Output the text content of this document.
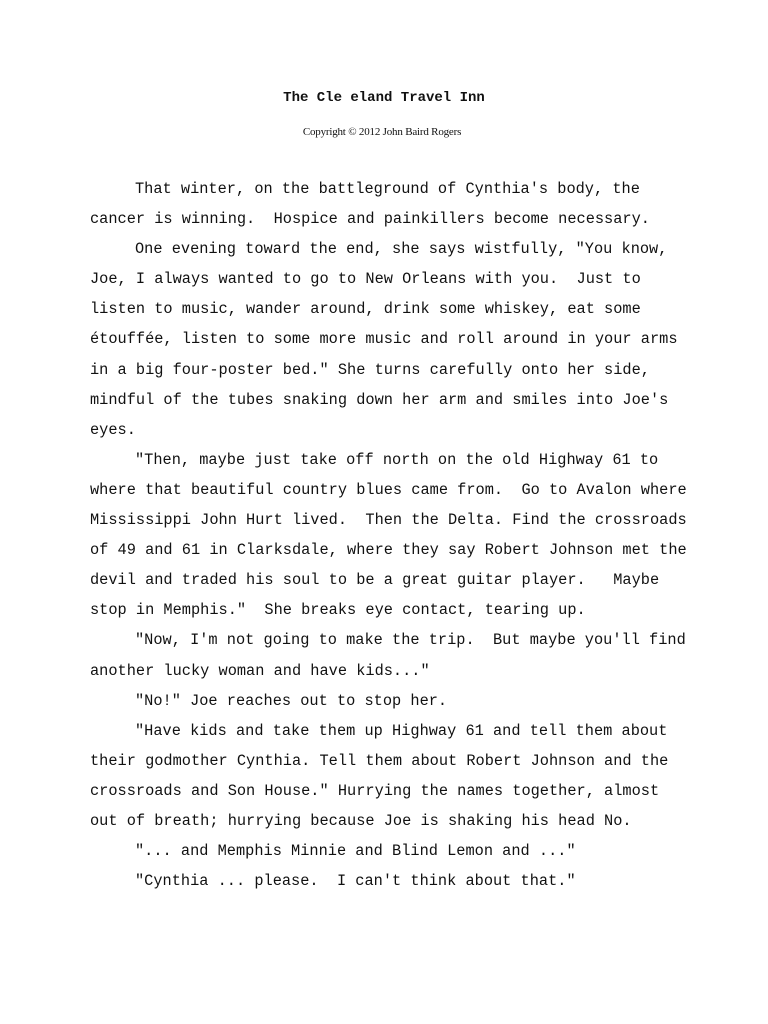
The Cle eland Travel Inn
Copyright © 2012 John Baird Rogers
That winter, on the battleground of Cynthia's body, the
cancer is winning.  Hospice and painkillers become necessary.
One evening toward the end, she says wistfully, "You know,
Joe, I always wanted to go to New Orleans with you.  Just to
listen to music, wander around, drink some whiskey, eat some
étouffée, listen to some more music and roll around in your arms
in a big four-poster bed." She turns carefully onto her side,
mindful of the tubes snaking down her arm and smiles into Joe's
eyes.
"Then, maybe just take off north on the old Highway 61 to
where that beautiful country blues came from.  Go to Avalon where
Mississippi John Hurt lived.  Then the Delta. Find the crossroads
of 49 and 61 in Clarksdale, where they say Robert Johnson met the
devil and traded his soul to be a great guitar player.   Maybe
stop in Memphis."  She breaks eye contact, tearing up.
"Now, I'm not going to make the trip.  But maybe you'll find
another lucky woman and have kids..."
"No!" Joe reaches out to stop her.
"Have kids and take them up Highway 61 and tell them about
their godmother Cynthia. Tell them about Robert Johnson and the
crossroads and Son House." Hurrying the names together, almost
out of breath; hurrying because Joe is shaking his head No.
"... and Memphis Minnie and Blind Lemon and ..."
"Cynthia ... please.  I can't think about that."
